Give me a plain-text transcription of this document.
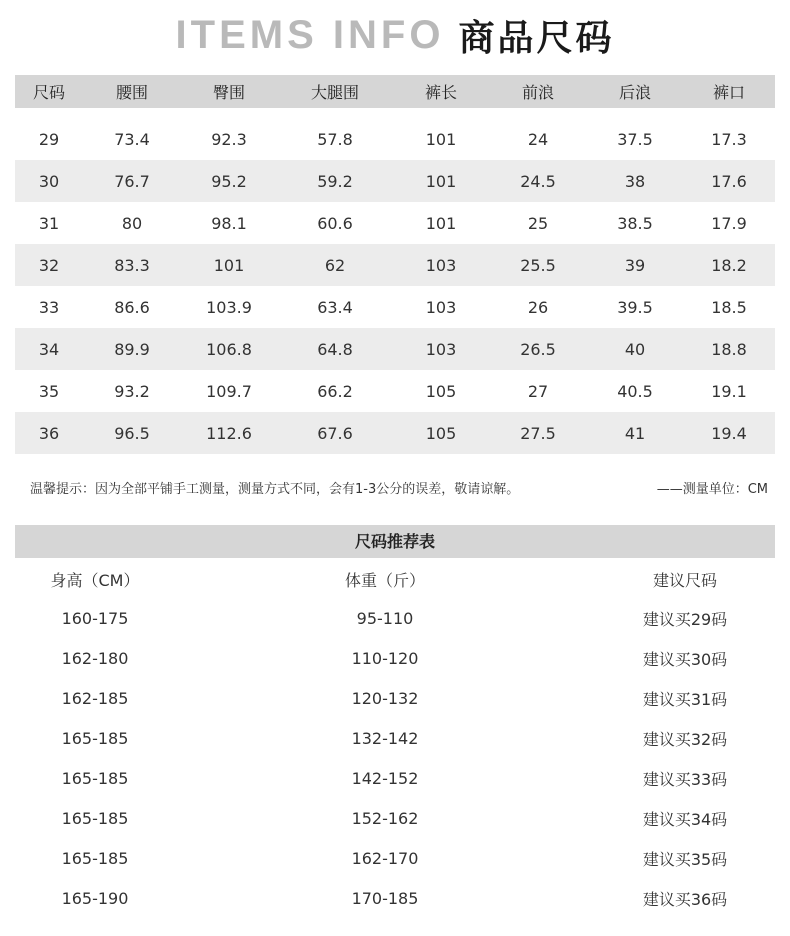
ITEMS INFO 商品尺码
尺码	腰围	臀围	大腿围	裤长	前浪	后浪	裤口

29	73.4	92.3	57.8	101	24	37.5	17.3
30	76.7	95.2	59.2	101	24.5	38	17.6
31	80	98.1	60.6	101	25	38.5	17.9
32	83.3	101	62	103	25.5	39	18.2
33	86.6	103.9	63.4	103	26	39.5	18.5
34	89.9	106.8	64.8	103	26.5	40	18.8
35	93.2	109.7	66.2	105	27	40.5	19.1
36	96.5	112.6	67.6	105	27.5	41	19.4
温馨提示：因为全部平铺手工测量，测量方式不同，会有1-3公分的误差，敬请谅解。	——测量单位：CM
尺码推荐表
身高（CM）	体重（斤）	建议尺码
160-175	95-110	建议买29码
162-180	110-120	建议买30码
162-185	120-132	建议买31码
165-185	132-142	建议买32码
165-185	142-152	建议买33码
165-185	152-162	建议买34码
165-185	162-170	建议买35码
165-190	170-185	建议买36码
